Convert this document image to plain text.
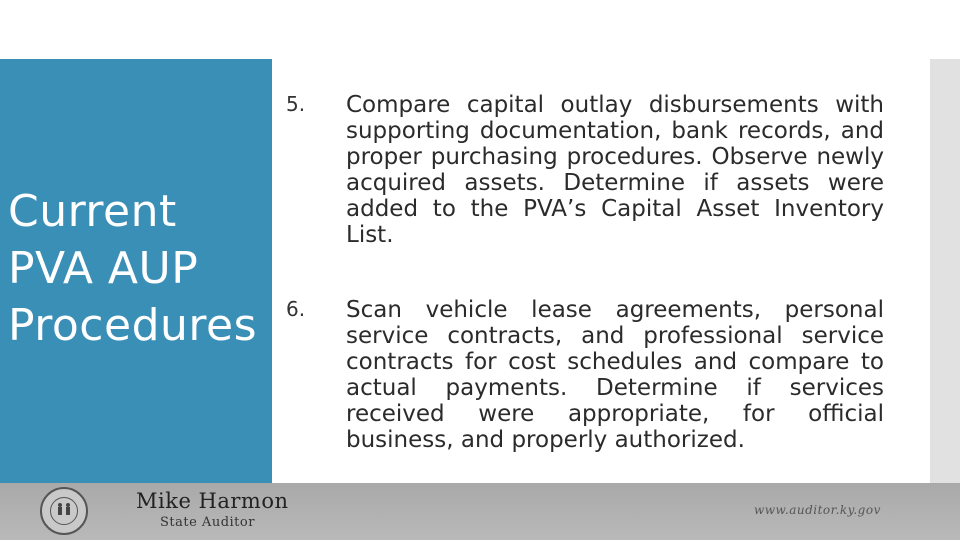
Current
PVA AUP
Procedures
5.	Compare capital outlay disbursements with supporting documentation, bank records, and proper purchasing procedures. Observe newly acquired assets. Determine if assets were added to the PVA’s Capital Asset Inventory List.
6.	Scan vehicle lease agreements, personal service contracts, and professional service contracts for cost schedules and compare to actual payments. Determine if services received were appropriate, for official business, and properly authorized.
Mike Harmon
State Auditor
www.auditor.ky.gov
